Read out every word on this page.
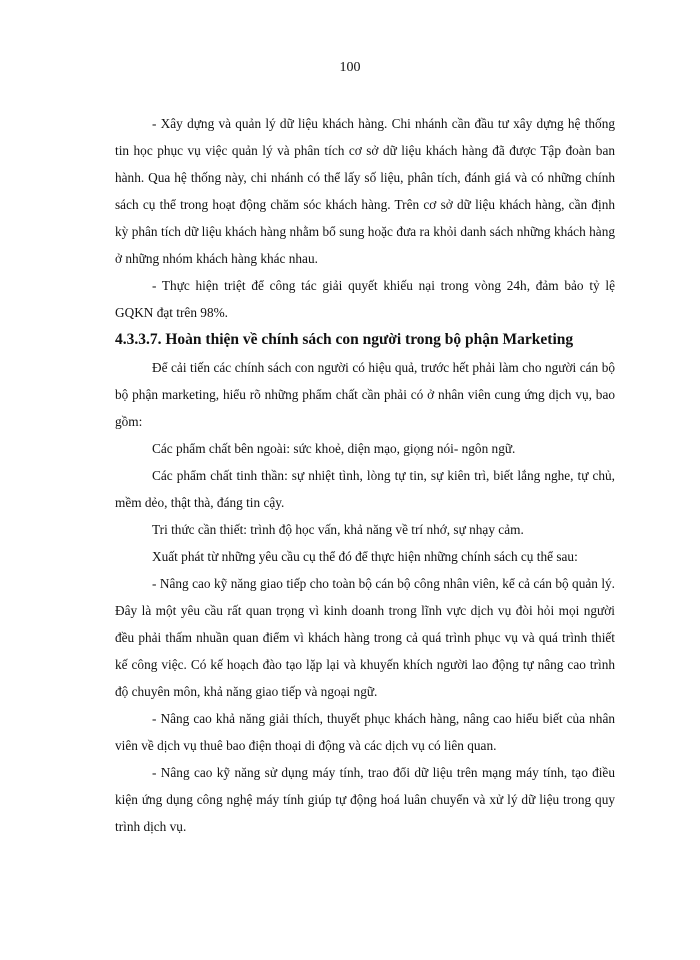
100

- Xây dựng và quản lý dữ liệu khách hàng. Chi nhánh cần đầu tư xây dựng hệ thống tin học phục vụ việc quản lý và phân tích cơ sở dữ liệu khách hàng đã được Tập đoàn ban hành. Qua hệ thống này, chi nhánh có thể lấy số liệu, phân tích, đánh giá và có những chính sách cụ thể trong hoạt động chăm sóc khách hàng. Trên cơ sở dữ liệu khách hàng, cần định kỳ phân tích dữ liệu khách hàng nhằm bổ sung hoặc đưa ra khỏi danh sách những khách hàng ở những nhóm khách hàng khác nhau.

- Thực hiện triệt để công tác giải quyết khiếu nại trong vòng 24h, đảm bảo tỷ lệ GQKN đạt trên 98%.

4.3.3.7. Hoàn thiện về chính sách con người trong bộ phận Marketing

Để cải tiến các chính sách con người có hiệu quả, trước hết phải làm cho người cán bộ bộ phận marketing, hiểu rõ những phẩm chất cần phải có ở nhân viên cung ứng dịch vụ, bao gồm:

Các phẩm chất bên ngoài: sức khoẻ, diện mạo, giọng nói- ngôn ngữ.

Các phẩm chất tinh thần: sự nhiệt tình, lòng tự tin, sự kiên trì, biết lắng nghe, tự chủ, mềm dẻo, thật thà, đáng tin cậy.

Tri thức cần thiết: trình độ học vấn, khả năng về trí nhớ, sự nhạy cảm.

Xuất phát từ những yêu cầu cụ thể đó để thực hiện những chính sách cụ thể sau:

- Nâng cao kỹ năng giao tiếp cho toàn bộ cán bộ công nhân viên, kể cả cán bộ quản lý. Đây là một yêu cầu rất quan trọng vì kinh doanh trong lĩnh vực dịch vụ đòi hỏi mọi người đều phải thấm nhuần quan điểm vì khách hàng trong cả quá trình phục vụ và quá trình thiết kế công việc. Có kế hoạch đào tạo lặp lại và khuyến khích người lao động tự nâng cao trình độ chuyên môn, khả năng giao tiếp và ngoại ngữ.

- Nâng cao khả năng giải thích, thuyết phục khách hàng, nâng cao hiểu biết của nhân viên về dịch vụ thuê bao điện thoại di động và các dịch vụ có liên quan.

- Nâng cao kỹ năng sử dụng máy tính, trao đổi dữ liệu trên mạng máy tính, tạo điều kiện ứng dụng công nghệ máy tính giúp tự động hoá luân chuyển và xử lý dữ liệu trong quy trình dịch vụ.
